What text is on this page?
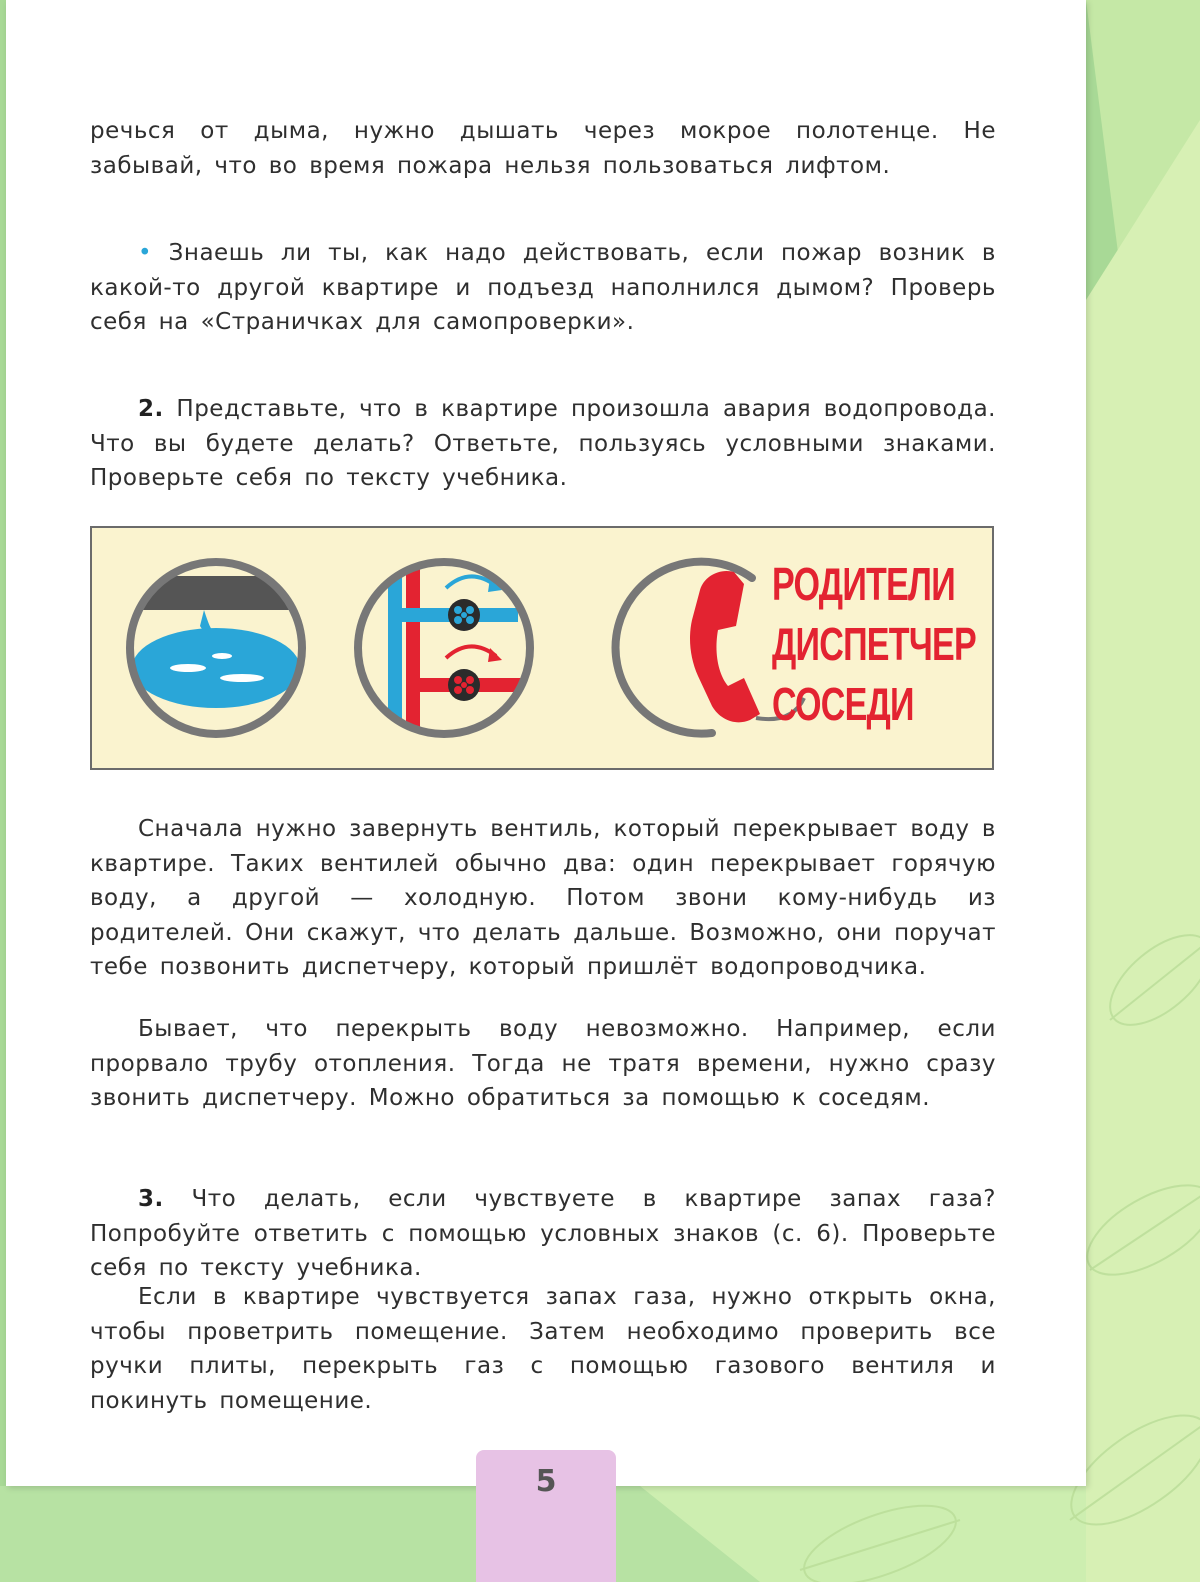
речься от дыма, нужно дышать через мокрое полотенце. Не забывай, что во время пожара нельзя пользоваться лифтом.

• Знаешь ли ты, как надо действовать, если пожар возник в какой-то другой квартире и подъезд наполнился дымом? Проверь себя на «Страничках для самопроверки».

2. Представьте, что в квартире произошла авария водопровода. Что вы будете делать? Ответьте, пользуясь условными знаками. Проверьте себя по тексту учебника.

РОДИТЕЛИ
ДИСПЕТЧЕР
СОСЕДИ

Сначала нужно завернуть вентиль, который перекрывает воду в квартире. Таких вентилей обычно два: один перекрывает горячую воду, а другой — холодную. Потом звони кому-нибудь из родителей. Они скажут, что делать дальше. Возможно, они поручат тебе позвонить диспетчеру, который пришлёт водопроводчика.

Бывает, что перекрыть воду невозможно. Например, если прорвало трубу отопления. Тогда не тратя времени, нужно сразу звонить диспетчеру. Можно обратиться за помощью к соседям.

3. Что делать, если чувствуете в квартире запах газа? Попробуйте ответить с помощью условных знаков (с. 6). Проверьте себя по тексту учебника.

Если в квартире чувствуется запах газа, нужно открыть окна, чтобы проветрить помещение. Затем необходимо проверить все ручки плиты, перекрыть газ с помощью газового вентиля и покинуть помещение.

5
